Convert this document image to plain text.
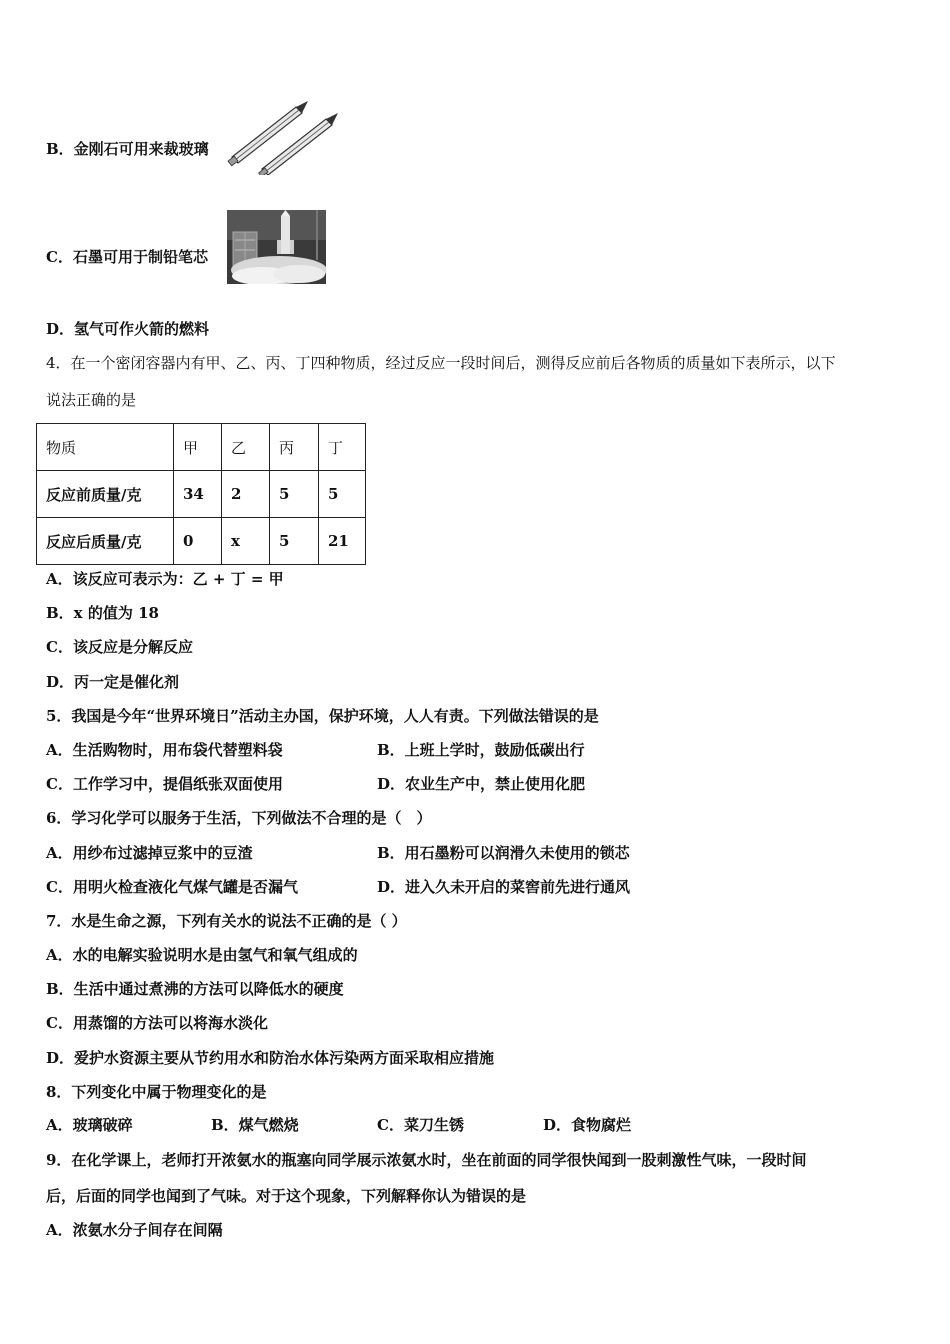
B．金刚石可用来裁玻璃
C．石墨可用于制铅笔芯
D．氢气可作火箭的燃料
4．在一个密闭容器内有甲、乙、丙、丁四种物质，经过反应一段时间后，测得反应前后各物质的质量如下表所示，以下
说法正确的是
物质	甲	乙	丙	丁
反应前质量/克	34	2	5	5
反应后质量/克	0	x	5	21
A．该反应可表示为：乙 + 丁 = 甲
B．x 的值为 18
C．该反应是分解反应
D．丙一定是催化剂
5．我国是今年“世界环境日”活动主办国，保护环境，人人有责。下列做法错误的是
A．生活购物时，用布袋代替塑料袋	B．上班上学时，鼓励低碳出行
C．工作学习中，提倡纸张双面使用	D．农业生产中，禁止使用化肥
6．学习化学可以服务于生活，下列做法不合理的是（　）
A．用纱布过滤掉豆浆中的豆渣	B．用石墨粉可以润滑久未使用的锁芯
C．用明火检查液化气煤气罐是否漏气	D．进入久未开启的菜窖前先进行通风
7．水是生命之源，下列有关水的说法不正确的是（ ）
A．水的电解实验说明水是由氢气和氧气组成的
B．生活中通过煮沸的方法可以降低水的硬度
C．用蒸馏的方法可以将海水淡化
D．爱护水资源主要从节约用水和防治水体污染两方面采取相应措施
8．下列变化中属于物理变化的是
A．玻璃破碎	B．煤气燃烧	C．菜刀生锈	D．食物腐烂
9．在化学课上，老师打开浓氨水的瓶塞向同学展示浓氨水时，坐在前面的同学很快闻到一股刺激性气味，一段时间
后，后面的同学也闻到了气味。对于这个现象，下列解释你认为错误的是
A．浓氨水分子间存在间隔
